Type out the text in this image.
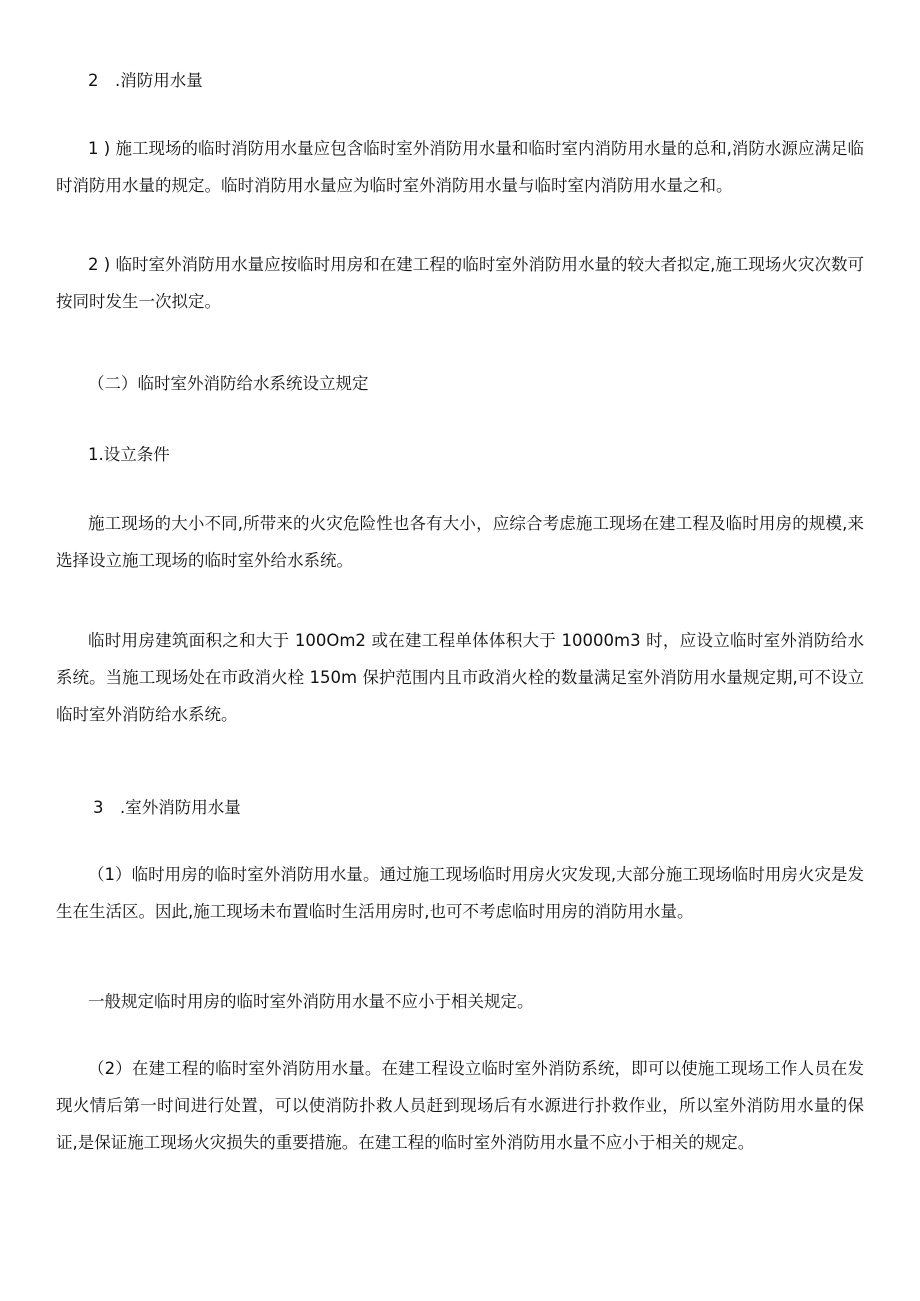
2　.消防用水量

1 ) 施工现场的临时消防用水量应包含临时室外消防用水量和临时室内消防用水量的总和,消防水源应满足临时消防用水量的规定。临时消防用水量应为临时室外消防用水量与临时室内消防用水量之和。

2 ) 临时室外消防用水量应按临时用房和在建工程的临时室外消防用水量的较大者拟定,施工现场火灾次数可按同时发生一次拟定。

（二）临时室外消防给水系统设立规定

1.设立条件

施工现场的大小不同,所带来的火灾危险性也各有大小，应综合考虑施工现场在建工程及临时用房的规模,来选择设立施工现场的临时室外给水系统。

临时用房建筑面积之和大于 100Om2 或在建工程单体体积大于 10000m3 时，应设立临时室外消防给水系统。当施工现场处在市政消火栓 150m 保护范围内且市政消火栓的数量满足室外消防用水量规定期,可不设立临时室外消防给水系统。

3　.室外消防用水量

（1）临时用房的临时室外消防用水量。通过施工现场临时用房火灾发现,大部分施工现场临时用房火灾是发生在生活区。因此,施工现场未布置临时生活用房时,也可不考虑临时用房的消防用水量。

一般规定临时用房的临时室外消防用水量不应小于相关规定。

（2）在建工程的临时室外消防用水量。在建工程设立临时室外消防系统，即可以使施工现场工作人员在发现火情后第一时间进行处置，可以使消防扑救人员赶到现场后有水源进行扑救作业，所以室外消防用水量的保证,是保证施工现场火灾损失的重要措施。在建工程的临时室外消防用水量不应小于相关的规定。
